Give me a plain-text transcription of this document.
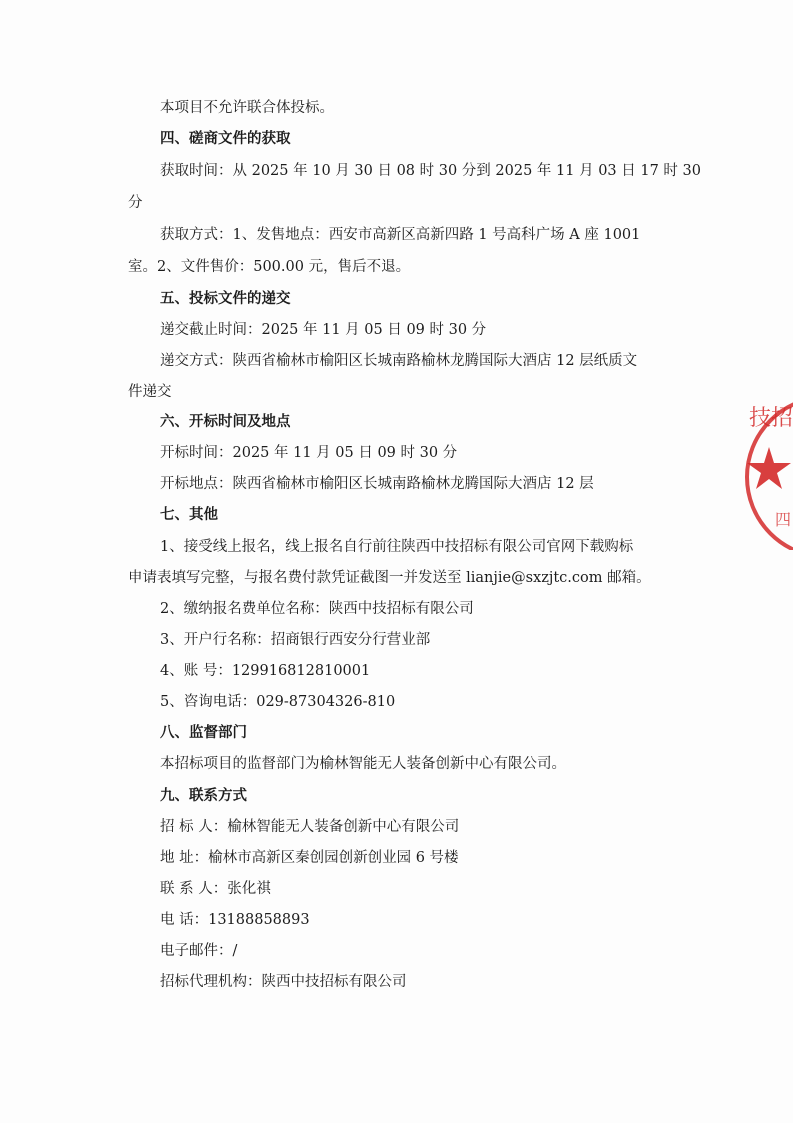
本项目不允许联合体投标。
四、磋商文件的获取
获取时间：从 2025 年 10 月 30 日 08 时 30 分到 2025 年 11 月 03 日 17 时 30
分
获取方式：1、发售地点：西安市高新区高新四路 1 号高科广场 A 座 1001
室。2、文件售价：500.00 元，售后不退。
五、投标文件的递交
递交截止时间：2025 年 11 月 05 日 09 时 30 分
递交方式：陕西省榆林市榆阳区长城南路榆林龙腾国际大酒店 12 层纸质文
件递交
六、开标时间及地点
开标时间：2025 年 11 月 05 日 09 时 30 分
开标地点：陕西省榆林市榆阳区长城南路榆林龙腾国际大酒店 12 层
七、其他
1、接受线上报名，线上报名自行前往陕西中技招标有限公司官网下载购标
申请表填写完整，与报名费付款凭证截图一并发送至 lianjie@sxzjtc.com 邮箱。
2、缴纳报名费单位名称：陕西中技招标有限公司
3、开户行名称：招商银行西安分行营业部
4、账 号：129916812810001
5、咨询电话：029-87304326-810
八、监督部门
本招标项目的监督部门为榆林智能无人装备创新中心有限公司。
九、联系方式
招 标 人：榆林智能无人装备创新中心有限公司
地 址：榆林市高新区秦创园创新创业园 6 号楼
联 系 人：张化祺
电 话：13188858893
电子邮件：/
招标代理机构：陕西中技招标有限公司
技招
四
